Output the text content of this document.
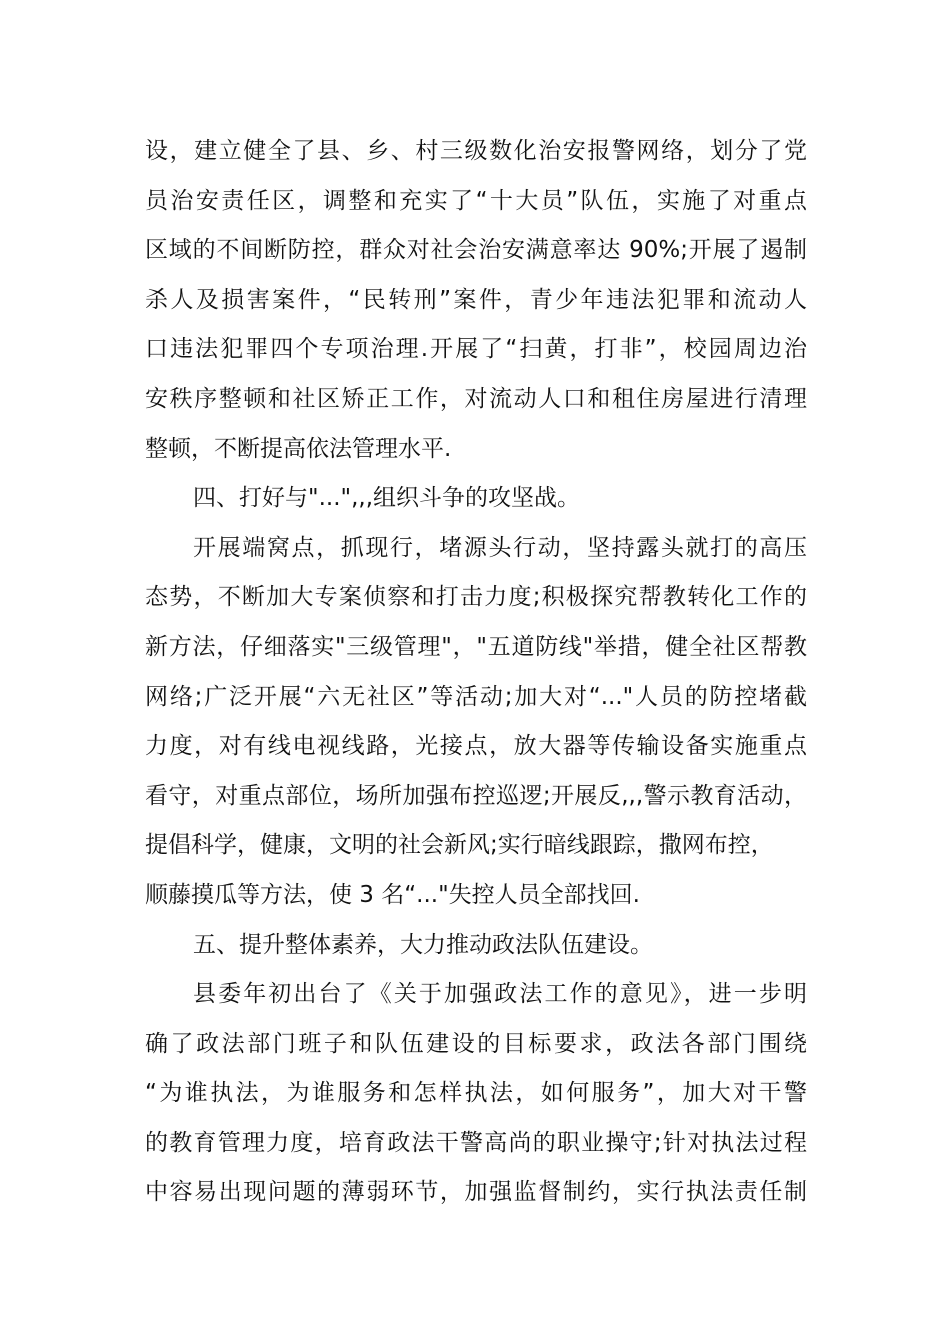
设，建立健全了县、乡、村三级数化治安报警网络，划分了党
员治安责任区，调整和充实了“十大员”队伍，实施了对重点
区域的不间断防控，群众对社会治安满意率达 90%;开展了遏制
杀人及损害案件，“民转刑”案件，青少年违法犯罪和流动人
口违法犯罪四个专项治理.开展了“扫黄，打非”，校园周边治
安秩序整顿和社区矫正工作，对流动人口和租住房屋进行清理
整顿，不断提高依法管理水平.
四、打好与"...",,,组织斗争的攻坚战。
开展端窝点，抓现行，堵源头行动，坚持露头就打的高压
态势，不断加大专案侦察和打击力度;积极探究帮教转化工作的
新方法，仔细落实"三级管理"，"五道防线"举措，健全社区帮教
网络;广泛开展“六无社区”等活动;加大对“..."人员的防控堵截
力度，对有线电视线路，光接点，放大器等传输设备实施重点
看守，对重点部位，场所加强布控巡逻;开展反,,,警示教育活动，
提倡科学，健康，文明的社会新风;实行暗线跟踪，撒网布控，
顺藤摸瓜等方法，使 3 名“..."失控人员全部找回.
五、提升整体素养，大力推动政法队伍建设。
县委年初出台了《关于加强政法工作的意见》，进一步明
确了政法部门班子和队伍建设的目标要求，政法各部门围绕
“为谁执法，为谁服务和怎样执法，如何服务”，加大对干警
的教育管理力度，培育政法干警高尚的职业操守;针对执法过程
中容易出现问题的薄弱环节，加强监督制约，实行执法责任制
